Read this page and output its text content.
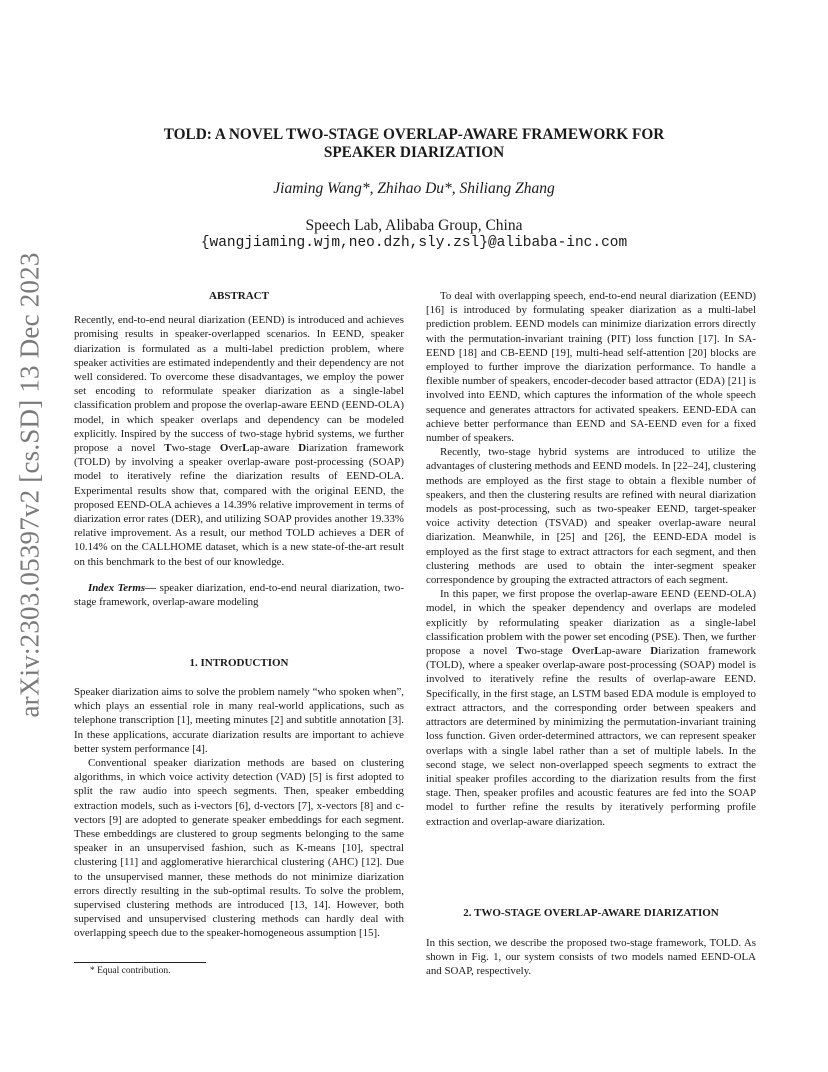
arXiv:2303.05397v2 [cs.SD] 13 Dec 2023
TOLD: A NOVEL TWO-STAGE OVERLAP-AWARE FRAMEWORK FOR
SPEAKER DIARIZATION
Jiaming Wang*, Zhihao Du*, Shiliang Zhang
Speech Lab, Alibaba Group, China
{wangjiaming.wjm,neo.dzh,sly.zsl}@alibaba-inc.com
ABSTRACT

Recently, end-to-end neural diarization (EEND) is introduced and achieves promising results in speaker-overlapped scenarios. In EEND, speaker diarization is formulated as a multi-label prediction problem, where speaker activities are estimated independently and their dependency are not well considered. To overcome these disadvantages, we employ the power set encoding to reformulate speaker diarization as a single-label classification problem and propose the overlap-aware EEND (EEND-OLA) model, in which speaker overlaps and dependency can be modeled explicitly. Inspired by the success of two-stage hybrid systems, we further propose a novel Two-stage OverLap-aware Diarization framework (TOLD) by involving a speaker overlap-aware post-processing (SOAP) model to iteratively refine the diarization results of EEND-OLA. Experimental results show that, compared with the original EEND, the proposed EEND-OLA achieves a 14.39% relative improvement in terms of diarization error rates (DER), and utilizing SOAP provides another 19.33% relative improvement. As a result, our method TOLD achieves a DER of 10.14% on the CALLHOME dataset, which is a new state-of-the-art result on this benchmark to the best of our knowledge.

Index Terms— speaker diarization, end-to-end neural diarization, two-stage framework, overlap-aware modeling

1. INTRODUCTION

Speaker diarization aims to solve the problem namely “who spoken when”, which plays an essential role in many real-world applications, such as telephone transcription [1], meeting minutes [2] and subtitle annotation [3]. In these applications, accurate diarization results are important to achieve better system performance [4].

Conventional speaker diarization methods are based on clustering algorithms, in which voice activity detection (VAD) [5] is first adopted to split the raw audio into speech segments. Then, speaker embedding extraction models, such as i-vectors [6], d-vectors [7], x-vectors [8] and c-vectors [9] are adopted to generate speaker embeddings for each segment. These embeddings are clustered to group segments belonging to the same speaker in an unsupervised fashion, such as K-means [10], spectral clustering [11] and agglomerative hierarchical clustering (AHC) [12]. Due to the unsupervised manner, these methods do not minimize diarization errors directly resulting in the sub-optimal results. To solve the problem, supervised clustering methods are introduced [13, 14]. However, both supervised and unsupervised clustering methods can hardly deal with overlapping speech due to the speaker-homogeneous assumption [15].

* Equal contribution.

To deal with overlapping speech, end-to-end neural diarization (EEND) [16] is introduced by formulating speaker diarization as a multi-label prediction problem. EEND models can minimize diarization errors directly with the permutation-invariant training (PIT) loss function [17]. In SA-EEND [18] and CB-EEND [19], multi-head self-attention [20] blocks are employed to further improve the diarization performance. To handle a flexible number of speakers, encoder-decoder based attractor (EDA) [21] is involved into EEND, which captures the information of the whole speech sequence and generates attractors for activated speakers. EEND-EDA can achieve better performance than EEND and SA-EEND even for a fixed number of speakers.

Recently, two-stage hybrid systems are introduced to utilize the advantages of clustering methods and EEND models. In [22–24], clustering methods are employed as the first stage to obtain a flexible number of speakers, and then the clustering results are refined with neural diarization models as post-processing, such as two-speaker EEND, target-speaker voice activity detection (TSVAD) and speaker overlap-aware neural diarization. Meanwhile, in [25] and [26], the EEND-EDA model is employed as the first stage to extract attractors for each segment, and then clustering methods are used to obtain the inter-segment speaker correspondence by grouping the extracted attractors of each segment.

In this paper, we first propose the overlap-aware EEND (EEND-OLA) model, in which the speaker dependency and overlaps are modeled explicitly by reformulating speaker diarization as a single-label classification problem with the power set encoding (PSE). Then, we further propose a novel Two-stage OverLap-aware Diarization framework (TOLD), where a speaker overlap-aware post-processing (SOAP) model is involved to iteratively refine the results of overlap-aware EEND. Specifically, in the first stage, an LSTM based EDA module is employed to extract attractors, and the corresponding order between speakers and attractors are determined by minimizing the permutation-invariant training loss function. Given order-determined attractors, we can represent speaker overlaps with a single label rather than a set of multiple labels. In the second stage, we select non-overlapped speech segments to extract the initial speaker profiles according to the diarization results from the first stage. Then, speaker profiles and acoustic features are fed into the SOAP model to further refine the results by iteratively performing profile extraction and overlap-aware diarization.

2. TWO-STAGE OVERLAP-AWARE DIARIZATION

In this section, we describe the proposed two-stage framework, TOLD. As shown in Fig. 1, our system consists of two models named EEND-OLA and SOAP, respectively.
